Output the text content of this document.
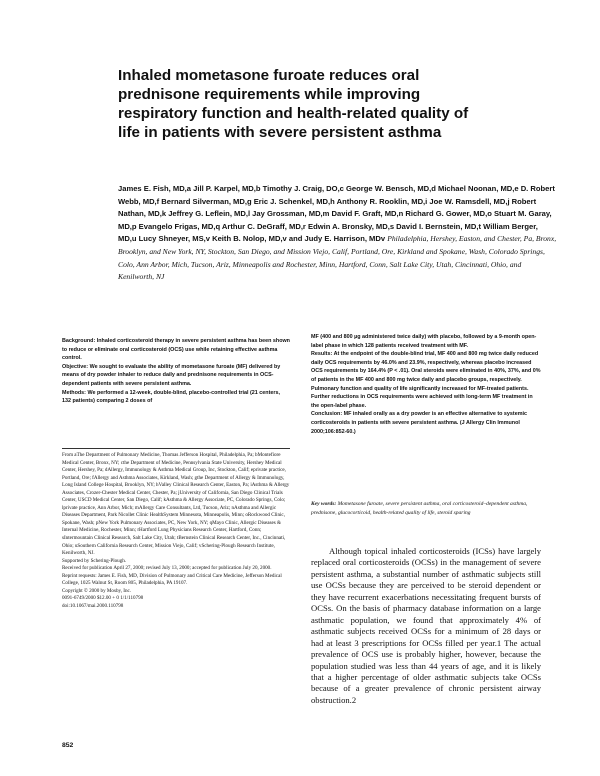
Inhaled mometasone furoate reduces oral prednisone requirements while improving respiratory function and health-related quality of life in patients with severe persistent asthma
James E. Fish, MD,a Jill P. Karpel, MD,b Timothy J. Craig, DO,c George W. Bensch, MD,d Michael Noonan, MD,e D. Robert Webb, MD,f Bernard Silverman, MD,g Eric J. Schenkel, MD,h Anthony R. Rooklin, MD,i Joe W. Ramsdell, MD,j Robert Nathan, MD,k Jeffrey G. Leflein, MD,l Jay Grossman, MD,m David F. Graft, MD,n Richard G. Gower, MD,o Stuart M. Garay, MD,p Evangelo Frigas, MD,q Arthur C. DeGraff, MD,r Edwin A. Bronsky, MD,s David I. Bernstein, MD,t William Berger, MD,u Lucy Shneyer, MS,v Keith B. Nolop, MD,v and Judy E. Harrison, MDv Philadelphia, Hershey, Easton, and Chester, Pa, Bronx, Brooklyn, and New York, NY, Stockton, San Diego, and Mission Viejo, Calif, Portland, Ore, Kirkland and Spokane, Wash, Colorado Springs, Colo, Ann Arbor, Mich, Tucson, Ariz, Minneapolis and Rochester, Minn, Hartford, Conn, Salt Lake City, Utah, Cincinnati, Ohio, and Kenilworth, NJ
Background: Inhaled corticosteroid therapy in severe persistent asthma has been shown to reduce or eliminate oral corticosteroid (OCS) use while retaining effective asthma control.
Objective: We sought to evaluate the ability of mometasone furoate (MF) delivered by means of dry powder inhaler to reduce daily and prednisone requirements in OCS-dependent patients with severe persistent asthma.
Methods: We performed a 12-week, double-blind, placebo-controlled trial (21 centers, 132 patients) comparing 2 doses of
MF (400 and 800 µg administered twice daily) with placebo, followed by a 9-month open-label phase in which 128 patients received treatment with MF.
Results: At the endpoint of the double-blind trial, MF 400 and 800 mg twice daily reduced daily OCS requirements by 46.0% and 23.9%, respectively, whereas placebo increased OCS requirements by 164.4% (P < .01). Oral steroids were eliminated in 40%, 37%, and 0% of patients in the MF 400 and 800 mg twice daily and placebo groups, respectively. Pulmonary function and quality of life significantly increased for MF-treated patients. Further reductions in OCS requirements were achieved with long-term MF treatment in the open-label phase.
Conclusion: MF inhaled orally as a dry powder is an effective alternative to systemic corticosteroids in patients with severe persistent asthma. (J Allergy Clin Immunol 2000;106:852-60.)

From aThe Department of Pulmonary Medicine, Thomas Jefferson Hospital, Philadelphia, Pa; bMontefiore Medical Center, Bronx, NY; cthe Department of Medicine, Pennsylvania State University, Hershey Medical Center, Hershey, Pa; dAllergy, Immunology & Asthma Medical Group, Inc, Stockton, Calif; eprivate practice, Portland, Ore; fAllergy and Asthma Associates, Kirkland, Wash; gthe Department of Allergy & Immunology, Long Island College Hospital, Brooklyn, NY; hValley Clinical Research Center, Easton, Pa; iAsthma & Allergy Associates, Crozer-Chester Medical Center, Chester, Pa; jUniversity of California, San Diego Clinical Trials Center, USCD Medical Center, San Diego, Calif; kAsthma & Allergy Associate, PC, Colorado Springs, Colo; lprivate practice, Ann Arbor, Mich; mAllergy Care Consultants, Ltd, Tucson, Ariz; nAsthma and Allergic Diseases Department, Park Nicollet Clinic HealthSystem Minnesota, Minneapolis, Minn; oRockwood Clinic, Spokane, Wash; pNew York Pulmonary Associates, PC, New York, NY; qMayo Clinic, Allergic Diseases & Internal Medicine, Rochester, Minn; rHartford Lung Physicians Research Center, Hartford, Conn; sIntermountain Clinical Research, Salt Lake City, Utah; tBernstein Clinical Research Center, Inc., Cincinnati, Ohio; uSouthern California Research Center, Mission Viejo, Calif; vSchering-Plough Research Institute, Kenilworth, NJ.

Supported by Schering-Plough.

Received for publication April 27, 2000; revised July 13, 2000; accepted for publication July 20, 2000.

Reprint requests: James E. Fish, MD, Division of Pulmonary and Critical Care Medicine, Jefferson Medical College, 1025 Walnut St, Room 805, Philadelphia, PA 19107.

Copyright © 2000 by Mosby, Inc.

0091-6749/2000 $12.00 + 0 1/1/110798

doi:10.1067/mai.2000.110798

Key words: Mometasone furoate, severe persistent asthma, oral corticosteroid–dependent asthma, prednisone, glucocorticoid, health-related quality of life, steroid sparing

Although topical inhaled corticosteroids (ICSs) have largely replaced oral corticosteroids (OCSs) in the management of severe persistent asthma, a substantial number of asthmatic subjects still use OCSs because they are perceived to be steroid dependent or they have recurrent exacerbations necessitating frequent bursts of OCSs. On the basis of pharmacy database information on a large asthmatic population, we found that approximately 4% of asthmatic subjects received OCSs for a minimum of 28 days or had at least 3 prescriptions for OCSs filled per year.1 The actual prevalence of OCS use is probably higher, however, because the population studied was less than 44 years of age, and it is likely that a higher percentage of older asthmatic subjects take OCSs because of a greater prevalence of chronic persistent airway obstruction.2

852
